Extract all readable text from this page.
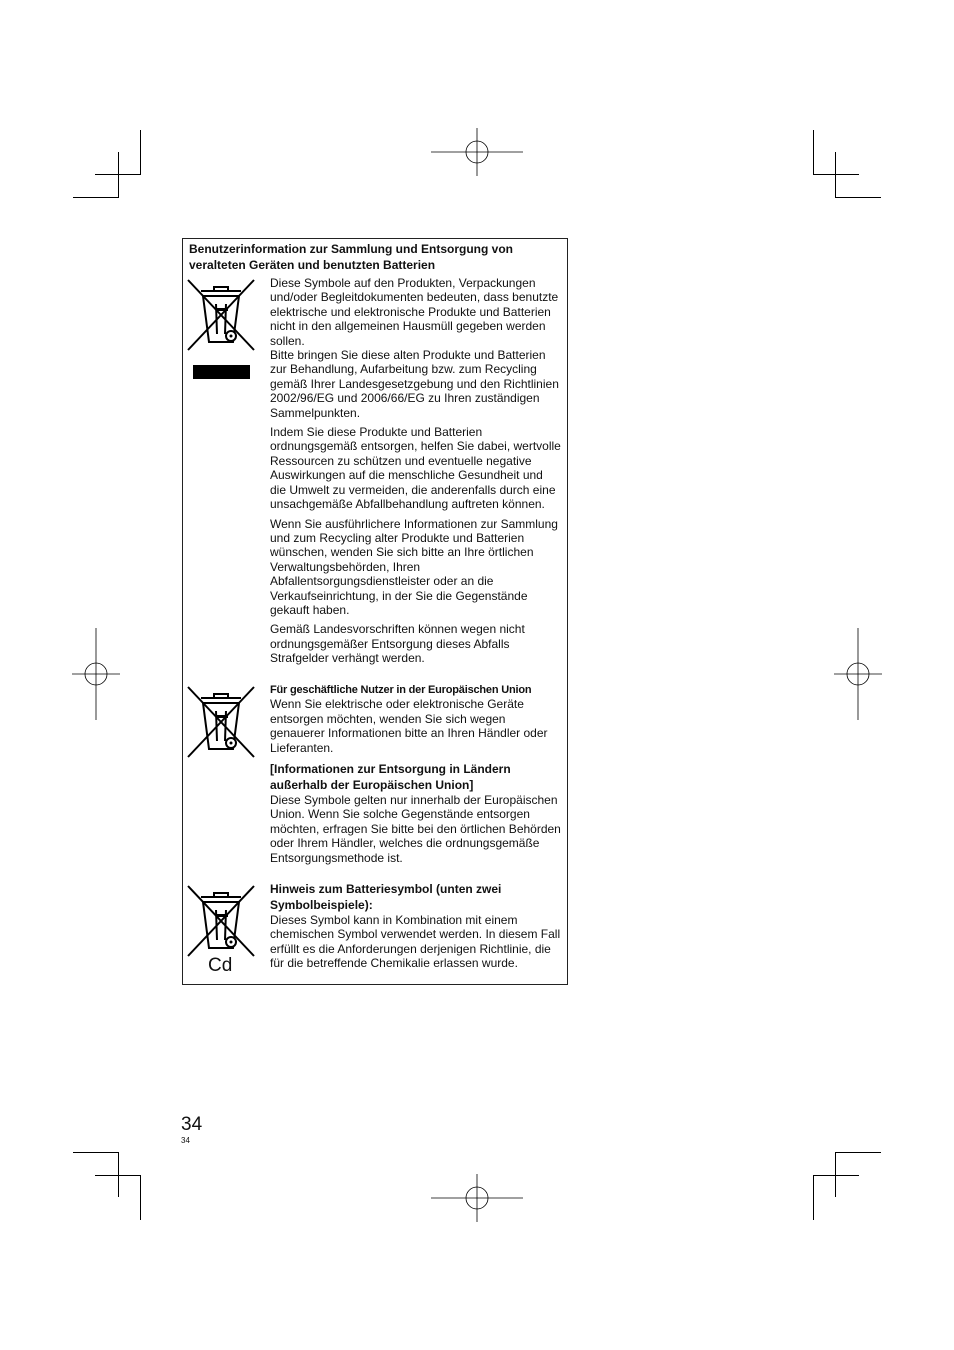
Benutzerinformation zur Sammlung und Entsorgung von veralteten Geräten und benutzten Batterien

Diese Symbole auf den Produkten, Verpackungen und/oder Begleitdokumenten bedeuten, dass benutzte elektrische und elektronische Produkte und Batterien nicht in den allgemeinen Hausmüll gegeben werden sollen.

Bitte bringen Sie diese alten Produkte und Batterien zur Behandlung, Aufarbeitung bzw. zum Recycling gemäß Ihrer Landesgesetzgebung und den Richtlinien 2002/96/EG und 2006/66/EG zu Ihren zuständigen Sammelpunkten.

Indem Sie diese Produkte und Batterien ordnungsgemäß entsorgen, helfen Sie dabei, wertvolle Ressourcen zu schützen und eventuelle negative Auswirkungen auf die menschliche Gesundheit und die Umwelt zu vermeiden, die anderenfalls durch eine unsachgemäße Abfallbehandlung auftreten können.

Wenn Sie ausführlichere Informationen zur Sammlung und zum Recycling alter Produkte und Batterien wünschen, wenden Sie sich bitte an Ihre örtlichen Verwaltungsbehörden, Ihren Abfallentsorgungsdienstleister oder an die Verkaufseinrichtung, in der Sie die Gegenstände gekauft haben.

Gemäß Landesvorschriften können wegen nicht ordnungsgemäßer Entsorgung dieses Abfalls Strafgelder verhängt werden.

Für geschäftliche Nutzer in der Europäischen Union

Wenn Sie elektrische oder elektronische Geräte entsorgen möchten, wenden Sie sich wegen genauerer Informationen bitte an Ihren Händler oder Lieferanten.

[Informationen zur Entsorgung in Ländern außerhalb der Europäischen Union]

Diese Symbole gelten nur innerhalb der Europäischen Union. Wenn Sie solche Gegenstände entsorgen möchten, erfragen Sie bitte bei den örtlichen Behörden oder Ihrem Händler, welches die ordnungsgemäße Entsorgungsmethode ist.

Cd

Hinweis zum Batteriesymbol (unten zwei Symbolbeispiele):

Dieses Symbol kann in Kombination mit einem chemischen Symbol verwendet werden. In diesem Fall erfüllt es die Anforderungen derjenigen Richtlinie, die für die betreffende Chemikalie erlassen wurde.

34
34
